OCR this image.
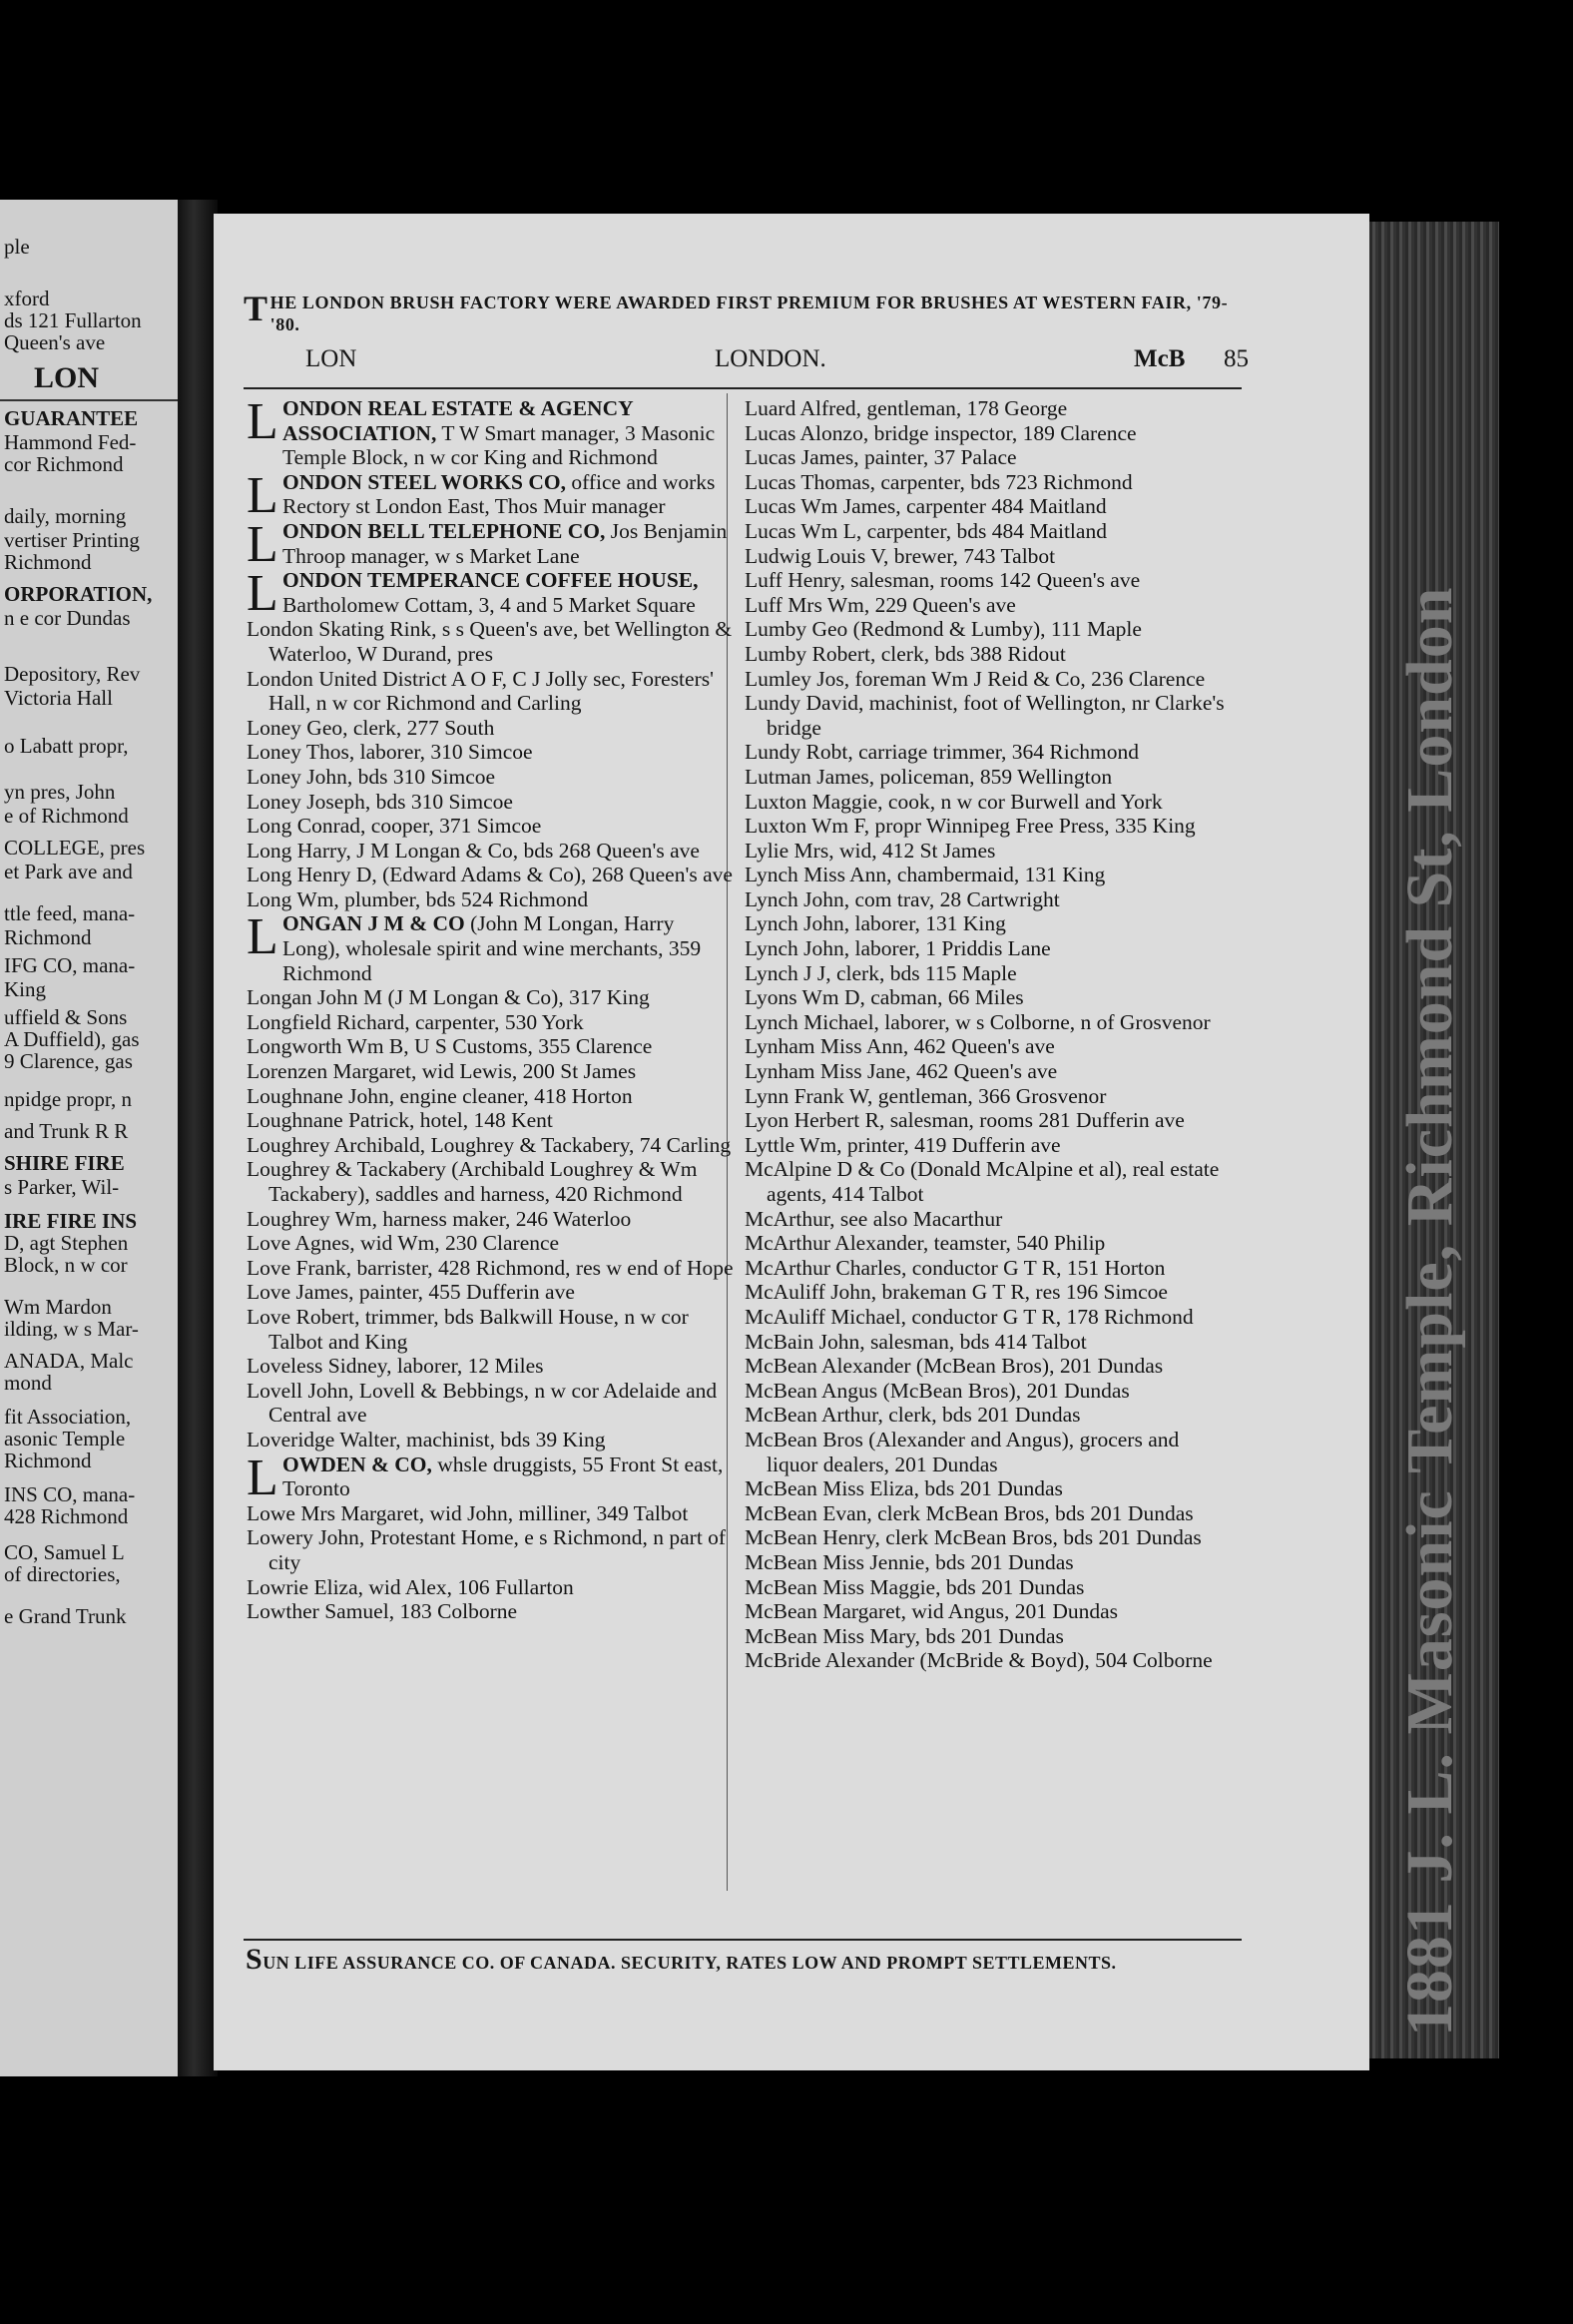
LON
ple
xford
ds 121 Fullarton
Queen's ave
GUARANTEE
Hammond Fed-
cor Richmond
daily, morning
vertiser Printing
Richmond
ORPORATION,
n e cor Dundas
Depository, Rev
Victoria Hall
o Labatt propr,
yn pres, John
e of Richmond
COLLEGE, pres
et Park ave and
ttle feed, mana-
Richmond
IFG CO, mana-
King
uffield & Sons
A Duffield), gas
9 Clarence, gas
npidge propr, n
and Trunk R R
SHIRE FIRE
s Parker, Wil-
IRE FIRE INS
D, agt Stephen
Block, n w cor
Wm Mardon
ilding, w s Mar-
ANADA, Malc
mond
fit Association,
asonic Temple
Richmond
INS CO, mana-
428 Richmond
CO, Samuel L
of directories,
e Grand Trunk	1881 J. L. Masonic Temple, Richmond St, London
THE LONDON BRUSH FACTORY WERE AWARDED FIRST PREMIUM FOR BRUSHES AT WESTERN FAIR, '79-'80.
LON	LONDON.	McB 85
L ONDON REAL ESTATE & AGENCY ASSOCIATION, T W Smart manager, 3 Masonic Temple Block, n w cor King and Richmond
L ONDON STEEL WORKS CO, office and works Rectory st London East, Thos Muir manager
L ONDON BELL TELEPHONE CO, Jos Benjamin Throop manager, w s Market Lane
L ONDON TEMPERANCE COFFEE HOUSE, Bartholomew Cottam, 3, 4 and 5 Market Square
London Skating Rink, s s Queen's ave, bet Wellington & Waterloo, W Durand, pres
London United District A O F, C J Jolly sec, Foresters' Hall, n w cor Richmond and Carling
Loney Geo, clerk, 277 South
Loney Thos, laborer, 310 Simcoe
Loney John, bds 310 Simcoe
Loney Joseph, bds 310 Simcoe
Long Conrad, cooper, 371 Simcoe
Long Harry, J M Longan & Co, bds 268 Queen's ave
Long Henry D, (Edward Adams & Co), 268 Queen's ave
Long Wm, plumber, bds 524 Richmond
L ONGAN J M & CO (John M Longan, Harry Long), wholesale spirit and wine merchants, 359 Richmond
Longan John M (J M Longan & Co), 317 King
Longfield Richard, carpenter, 530 York
Longworth Wm B, U S Customs, 355 Clarence
Lorenzen Margaret, wid Lewis, 200 St James
Loughnane John, engine cleaner, 418 Horton
Loughnane Patrick, hotel, 148 Kent
Loughrey Archibald, Loughrey & Tackabery, 74 Carling
Loughrey & Tackabery (Archibald Loughrey & Wm Tackabery), saddles and harness, 420 Richmond
Loughrey Wm, harness maker, 246 Waterloo
Love Agnes, wid Wm, 230 Clarence
Love Frank, barrister, 428 Richmond, res w end of Hope
Love James, painter, 455 Dufferin ave
Love Robert, trimmer, bds Balkwill House, n w cor Talbot and King
Loveless Sidney, laborer, 12 Miles
Lovell John, Lovell & Bebbings, n w cor Adelaide and Central ave
Loveridge Walter, machinist, bds 39 King
L OWDEN & CO, whsle druggists, 55 Front St east, Toronto
Lowe Mrs Margaret, wid John, milliner, 349 Talbot
Lowery John, Protestant Home, e s Richmond, n part of city
Lowrie Eliza, wid Alex, 106 Fullarton
Lowther Samuel, 183 Colborne
Luard Alfred, gentleman, 178 George
Lucas Alonzo, bridge inspector, 189 Clarence
Lucas James, painter, 37 Palace
Lucas Thomas, carpenter, bds 723 Richmond
Lucas Wm James, carpenter 484 Maitland
Lucas Wm L, carpenter, bds 484 Maitland
Ludwig Louis V, brewer, 743 Talbot
Luff Henry, salesman, rooms 142 Queen's ave
Luff Mrs Wm, 229 Queen's ave
Lumby Geo (Redmond & Lumby), 111 Maple
Lumby Robert, clerk, bds 388 Ridout
Lumley Jos, foreman Wm J Reid & Co, 236 Clarence
Lundy David, machinist, foot of Wellington, nr Clarke's bridge
Lundy Robt, carriage trimmer, 364 Richmond
Lutman James, policeman, 859 Wellington
Luxton Maggie, cook, n w cor Burwell and York
Luxton Wm F, propr Winnipeg Free Press, 335 King
Lylie Mrs, wid, 412 St James
Lynch Miss Ann, chambermaid, 131 King
Lynch John, com trav, 28 Cartwright
Lynch John, laborer, 131 King
Lynch John, laborer, 1 Priddis Lane
Lynch J J, clerk, bds 115 Maple
Lyons Wm D, cabman, 66 Miles
Lynch Michael, laborer, w s Colborne, n of Grosvenor
Lynham Miss Ann, 462 Queen's ave
Lynham Miss Jane, 462 Queen's ave
Lynn Frank W, gentleman, 366 Grosvenor
Lyon Herbert R, salesman, rooms 281 Dufferin ave
Lyttle Wm, printer, 419 Dufferin ave
McAlpine D & Co (Donald McAlpine et al), real estate agents, 414 Talbot
McArthur, see also Macarthur
McArthur Alexander, teamster, 540 Philip
McArthur Charles, conductor G T R, 151 Horton
McAuliff John, brakeman G T R, res 196 Simcoe
McAuliff Michael, conductor G T R, 178 Richmond
McBain John, salesman, bds 414 Talbot
McBean Alexander (McBean Bros), 201 Dundas
McBean Angus (McBean Bros), 201 Dundas
McBean Arthur, clerk, bds 201 Dundas
McBean Bros (Alexander and Angus), grocers and liquor dealers, 201 Dundas
McBean Miss Eliza, bds 201 Dundas
McBean Evan, clerk McBean Bros, bds 201 Dundas
McBean Henry, clerk McBean Bros, bds 201 Dundas
McBean Miss Jennie, bds 201 Dundas
McBean Miss Maggie, bds 201 Dundas
McBean Margaret, wid Angus, 201 Dundas
McBean Miss Mary, bds 201 Dundas
McBride Alexander (McBride & Boyd), 504 Colborne
SUN LIFE ASSURANCE CO. OF CANADA. SECURITY, RATES LOW AND PROMPT SETTLEMENTS.
